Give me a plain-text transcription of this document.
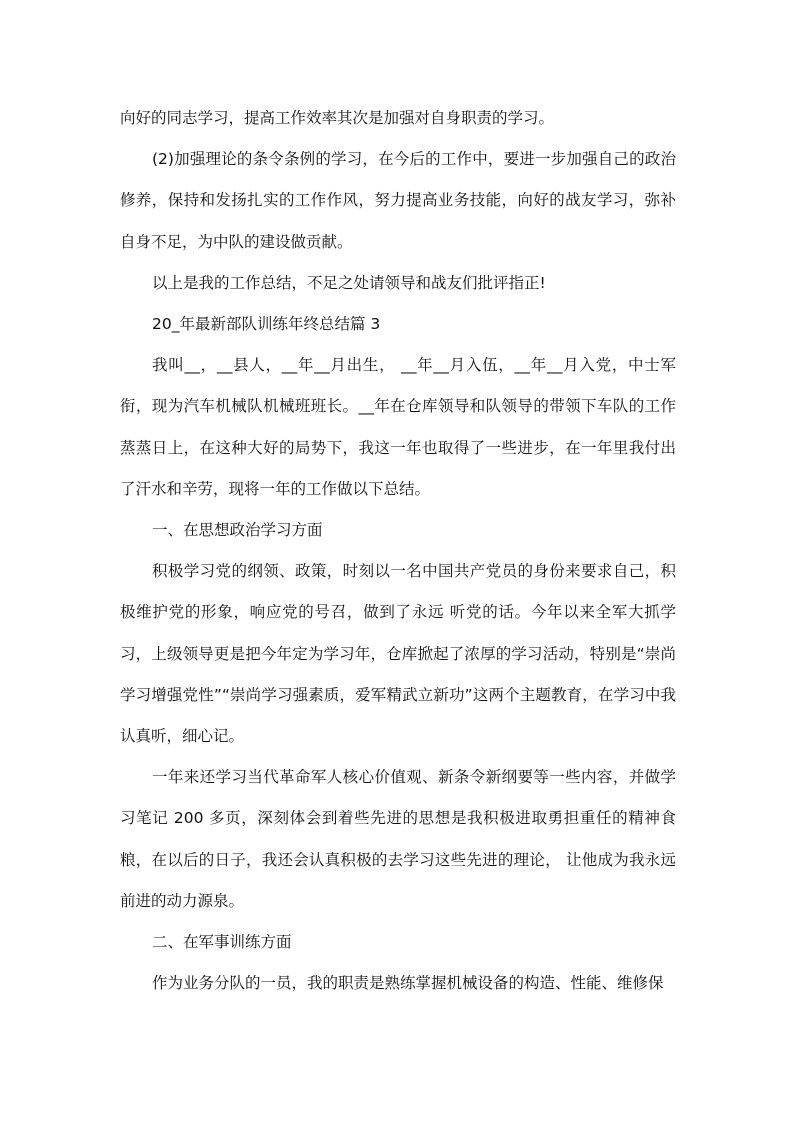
向好的同志学习，提高工作效率其次是加强对自身职责的学习。

(2)加强理论的条令条例的学习，在今后的工作中，要进一步加强自己的政治修养，保持和发扬扎实的工作作风，努力提高业务技能，向好的战友学习，弥补自身不足，为中队的建设做贡献。

以上是我的工作总结，不足之处请领导和战友们批评指正!

20_年最新部队训练年终总结篇 3

我叫__，__县人，__年__月出生， __年__月入伍，__年__月入党，中士军衔，现为汽车机械队机械班班长。__年在仓库领导和队领导的带领下车队的工作蒸蒸日上，在这种大好的局势下，我这一年也取得了一些进步，在一年里我付出了汗水和辛劳，现将一年的工作做以下总结。

一、在思想政治学习方面

积极学习党的纲领、政策，时刻以一名中国共产党员的身份来要求自己，积极维护党的形象，响应党的号召，做到了永远 听党的话。今年以来全军大抓学习，上级领导更是把今年定为学习年，仓库掀起了浓厚的学习活动，特别是“崇尚学习增强党性”“崇尚学习强素质，爱军精武立新功”这两个主题教育，在学习中我认真听，细心记。

一年来还学习当代革命军人核心价值观、新条令新纲要等一些内容，并做学习笔记 200 多页，深刻体会到着些先进的思想是我积极进取勇担重任的精神食粮，在以后的日子，我还会认真积极的去学习这些先进的理论， 让他成为我永远前进的动力源泉。

二、在军事训练方面

作为业务分队的一员，我的职责是熟练掌握机械设备的构造、性能、维修保
